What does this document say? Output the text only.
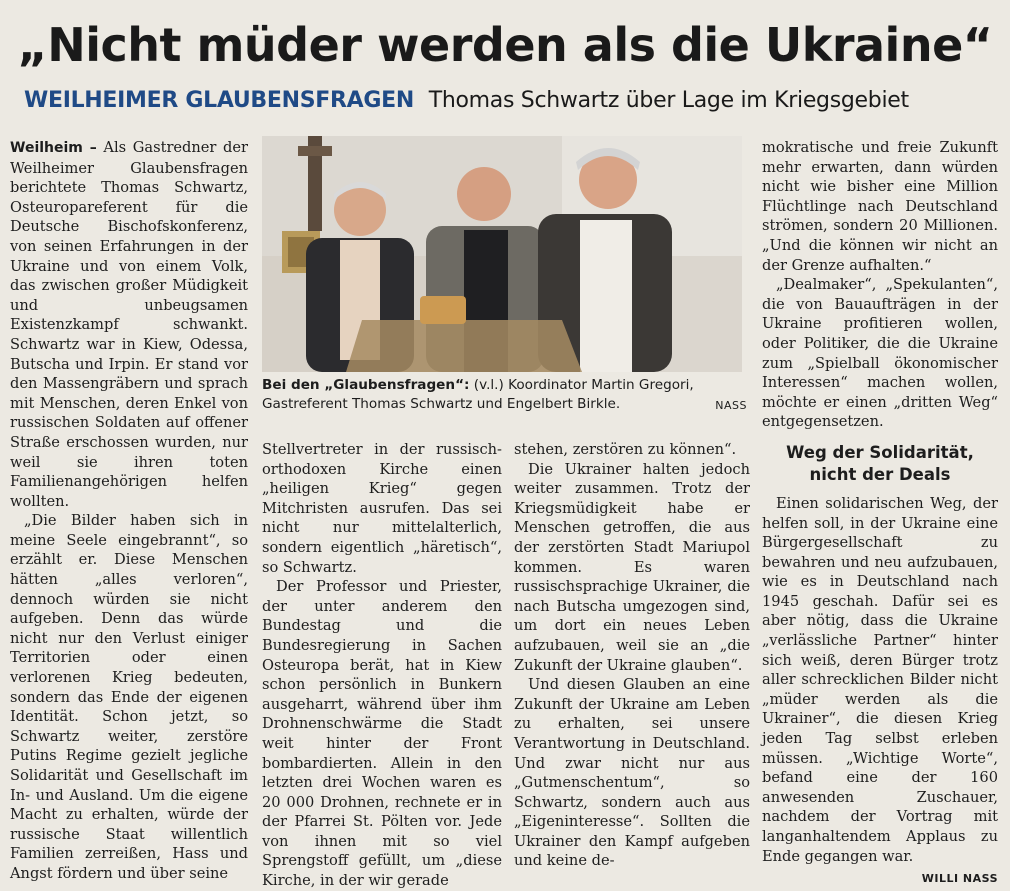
„Nicht müder werden als die Ukraine“
WEILHEIMER GLAUBENSFRAGEN Thomas Schwartz über Lage im Kriegsgebiet

Weilheim – Als Gastredner der Weilheimer Glaubensfragen berichtete Thomas Schwartz, Osteuropareferent für die Deutsche Bischofskonferenz, von seinen Erfahrungen in der Ukraine und von einem Volk, das zwischen großer Müdigkeit und unbeugsamen Existenzkampf schwankt. Schwartz war in Kiew, Odessa, Butscha und Irpin. Er stand vor den Massengräbern und sprach mit Menschen, deren Enkel von russischen Soldaten auf offener Straße erschossen wurden, nur weil sie ihren toten Familienangehörigen helfen wollten.

„Die Bilder haben sich in meine Seele eingebrannt“, so erzählt er. Diese Menschen hätten „alles verloren“, dennoch würden sie nicht aufgeben. Denn das würde nicht nur den Verlust einiger Territorien oder einen verlorenen Krieg bedeuten, sondern das Ende der eigenen Identität. Schon jetzt, so Schwartz weiter, zerstöre Putins Regime gezielt jegliche Solidarität und Gesellschaft im In- und Ausland. Um die eigene Macht zu erhalten, würde der russische Staat willentlich Familien zerreißen, Hass und Angst fördern und über seine

Bei den „Glaubensfragen“: (v.l.) Koordinator Martin Gregori, Gastreferent Thomas Schwartz und Engelbert Birkle.	NASS

Stellvertreter in der russisch-orthodoxen Kirche einen „heiligen Krieg“ gegen Mitchristen ausrufen. Das sei nicht nur mittelalterlich, sondern eigentlich „häretisch“, so Schwartz.

Der Professor und Priester, der unter anderem den Bundestag und die Bundesregierung in Sachen Osteuropa berät, hat in Kiew schon persönlich in Bunkern ausgeharrt, während über ihm Drohnenschwärme die Stadt weit hinter der Front bombardierten. Allein in den letzten drei Wochen waren es 20 000 Drohnen, rechnete er in der Pfarrei St. Pölten vor. Jede von ihnen mit so viel Sprengstoff gefüllt, um „diese Kirche, in der wir gerade

stehen, zerstören zu können“.

Die Ukrainer halten jedoch weiter zusammen. Trotz der Kriegsmüdigkeit habe er Menschen getroffen, die aus der zerstörten Stadt Mariupol kommen. Es waren russischsprachige Ukrainer, die nach Butscha umgezogen sind, um dort ein neues Leben aufzubauen, weil sie an „die Zukunft der Ukraine glauben“.

Und diesen Glauben an eine Zukunft der Ukraine am Leben zu erhalten, sei unsere Verantwortung in Deutschland. Und zwar nicht nur aus „Gutmenschentum“, so Schwartz, sondern auch aus „Eigeninteresse“. Sollten die Ukrainer den Kampf aufgeben und keine de-

mokratische und freie Zukunft mehr erwarten, dann würden nicht wie bisher eine Million Flüchtlinge nach Deutschland strömen, sondern 20 Millionen. „Und die können wir nicht an der Grenze aufhalten.“

„Dealmaker“, „Spekulanten“, die von Bauaufträgen in der Ukraine profitieren wollen, oder Politiker, die die Ukraine zum „Spielball ökonomischer Interessen“ machen wollen, möchte er einen „dritten Weg“ entgegensetzen.

Weg der Solidarität, nicht der Deals

Einen solidarischen Weg, der helfen soll, in der Ukraine eine Bürgergesellschaft zu bewahren und neu aufzubauen, wie es in Deutschland nach 1945 geschah. Dafür sei es aber nötig, dass die Ukraine „verlässliche Partner“ hinter sich weiß, deren Bürger trotz aller schrecklichen Bilder nicht „müder werden als die Ukrainer“, die diesen Krieg jeden Tag selbst erleben müssen. „Wichtige Worte“, befand eine der 160 anwesenden Zuschauer, nachdem der Vortrag mit langanhaltendem Applaus zu Ende gegangen war.
WILLI NASS
